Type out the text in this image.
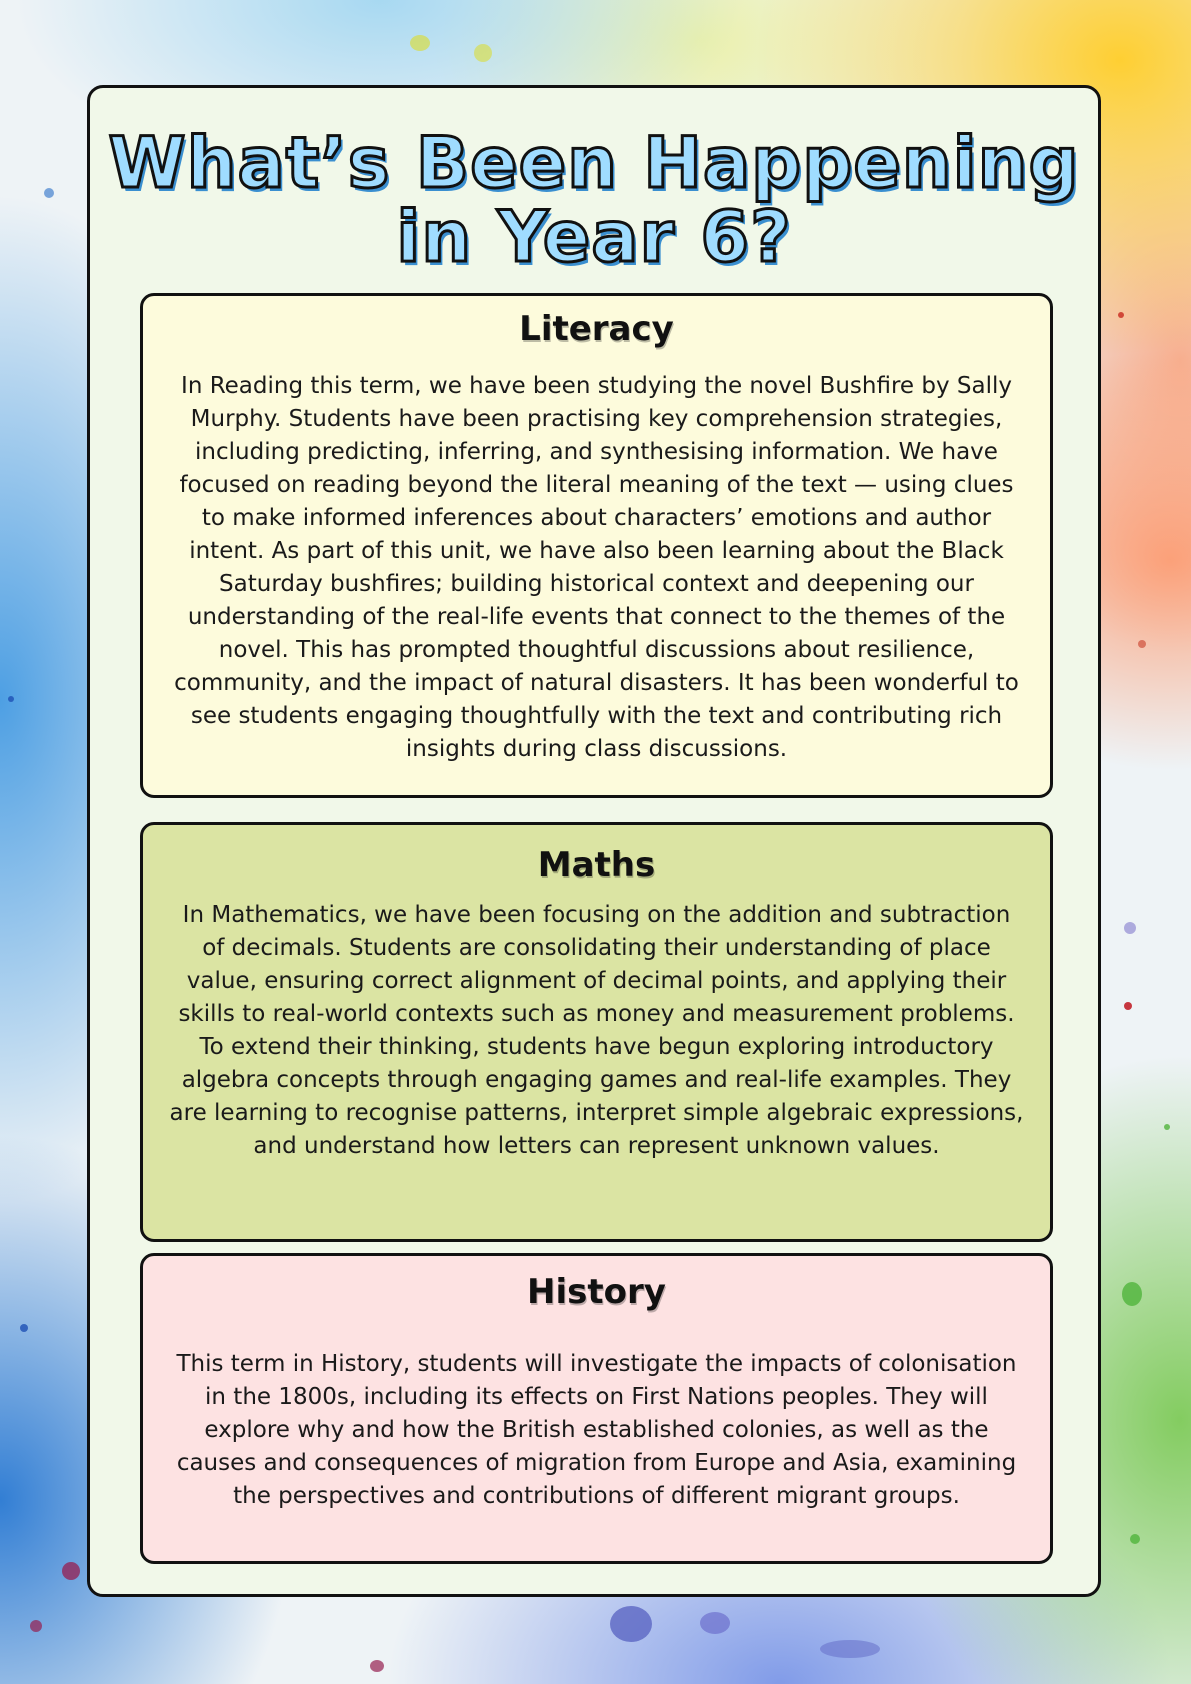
What’s Been Happening
in Year 6?
Literacy

In Reading this term, we have been studying the novel Bushfire by Sally Murphy. Students have been practising key comprehension strategies, including predicting, inferring, and synthesising information. We have focused on reading beyond the literal meaning of the text — using clues to make informed inferences about characters’ emotions and author intent. As part of this unit, we have also been learning about the Black Saturday bushfires; building historical context and deepening our understanding of the real-life events that connect to the themes of the novel. This has prompted thoughtful discussions about resilience, community, and the impact of natural disasters. It has been wonderful to see students engaging thoughtfully with the text and contributing rich insights during class discussions.

Maths

In Mathematics, we have been focusing on the addition and subtraction of decimals. Students are consolidating their understanding of place value, ensuring correct alignment of decimal points, and applying their skills to real-world contexts such as money and measurement problems. To extend their thinking, students have begun exploring introductory algebra concepts through engaging games and real-life examples. They are learning to recognise patterns, interpret simple algebraic expressions, and understand how letters can represent unknown values.

History

This term in History, students will investigate the impacts of colonisation in the 1800s, including its effects on First Nations peoples. They will explore why and how the British established colonies, as well as the causes and consequences of migration from Europe and Asia, examining the perspectives and contributions of different migrant groups.
